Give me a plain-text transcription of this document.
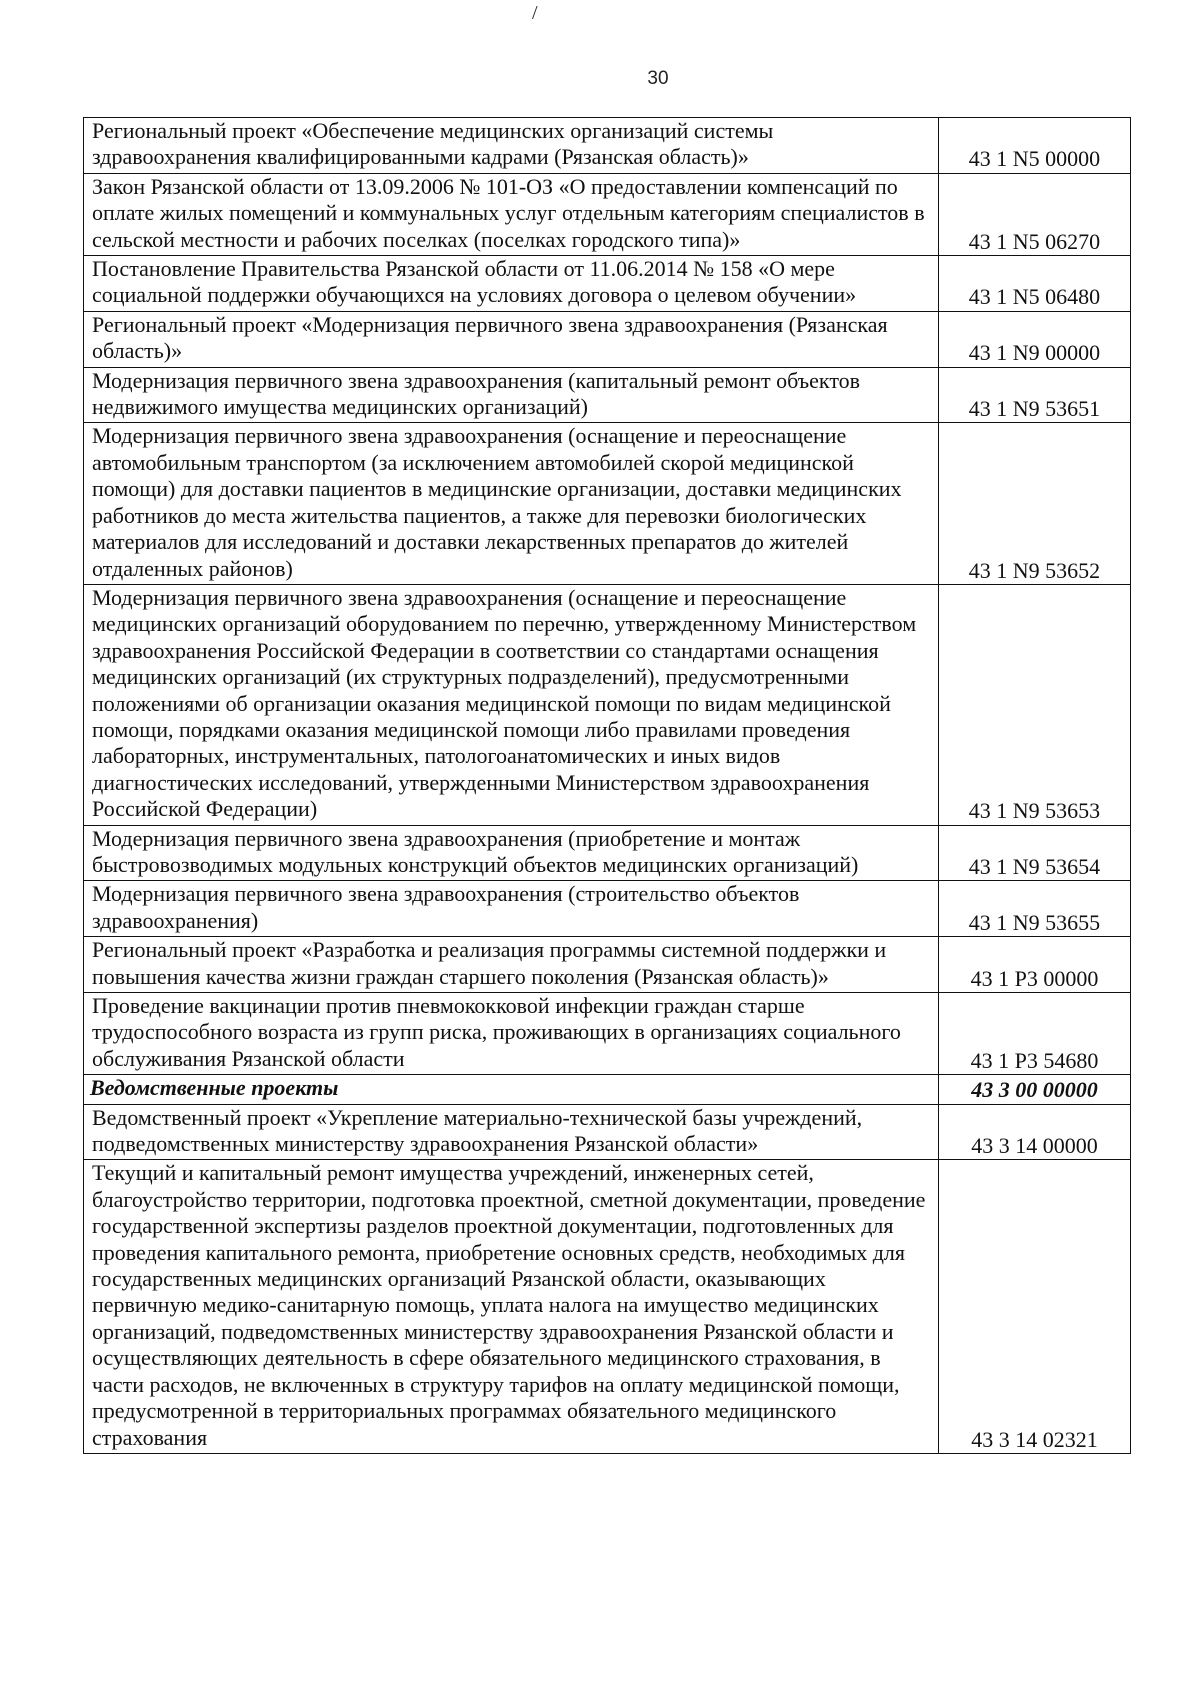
/
30
Региональный проект «Обеспечение медицинских организаций системы здравоохранения квалифицированными кадрами (Рязанская область)»	43 1 N5 00000
Закон Рязанской области от 13.09.2006 № 101-ОЗ «О предоставлении компенсаций по оплате жилых помещений и коммунальных услуг отдельным категориям специалистов в сельской местности и рабочих поселках (поселках городского типа)»	43 1 N5 06270
Постановление Правительства Рязанской области от 11.06.2014 № 158 «О мере социальной поддержки обучающихся на условиях договора о целевом обучении»	43 1 N5 06480
Региональный проект «Модернизация первичного звена здравоохранения (Рязанская область)»	43 1 N9 00000
Модернизация первичного звена здравоохранения (капитальный ремонт объектов недвижимого имущества медицинских организаций)	43 1 N9 53651
Модернизация первичного звена здравоохранения (оснащение и переоснащение автомобильным транспортом (за исключением автомобилей скорой медицинской помощи) для доставки пациентов в медицинские организации, доставки медицинских работников до места жительства пациентов, а также для перевозки биологических материалов для исследований и доставки лекарственных препаратов до жителей отдаленных районов)	43 1 N9 53652
Модернизация первичного звена здравоохранения (оснащение и переоснащение медицинских организаций оборудованием по перечню, утвержденному Министерством здравоохранения Российской Федерации в соответствии со стандартами оснащения медицинских организаций (их структурных подразделений), предусмотренными положениями об организации оказания медицинской помощи по видам медицинской помощи, порядками оказания медицинской помощи либо правилами проведения лабораторных, инструментальных, патологоанатомических и иных видов диагностических исследований, утвержденными Министерством здравоохранения Российской Федерации)	43 1 N9 53653
Модернизация первичного звена здравоохранения (приобретение и монтаж быстровозводимых модульных конструкций объектов медицинских организаций)	43 1 N9 53654
Модернизация первичного звена здравоохранения (строительство объектов здравоохранения)	43 1 N9 53655
Региональный проект «Разработка и реализация программы системной поддержки и повышения качества жизни граждан старшего поколения (Рязанская область)»	43 1 P3 00000
Проведение вакцинации против пневмококковой инфекции граждан старше трудоспособного возраста из групп риска, проживающих в организациях социального обслуживания Рязанской области	43 1 P3 54680
Ведомственные проекты	43 3 00 00000
Ведомственный проект «Укрепление материально-технической базы учреждений, подведомственных министерству здравоохранения Рязанской области»	43 3 14 00000
Текущий и капитальный ремонт имущества учреждений, инженерных сетей, благоустройство территории, подготовка проектной, сметной документации, проведение государственной экспертизы разделов проектной документации, подготовленных для проведения капитального ремонта, приобретение основных средств, необходимых для государственных медицинских организаций Рязанской области, оказывающих первичную медико-санитарную помощь, уплата налога на имущество медицинских организаций, подведомственных министерству здравоохранения Рязанской области и осуществляющих деятельность в сфере обязательного медицинского страхования, в части расходов, не включенных в структуру тарифов на оплату медицинской помощи, предусмотренной в территориальных программах обязательного медицинского страхования	43 3 14 02321
